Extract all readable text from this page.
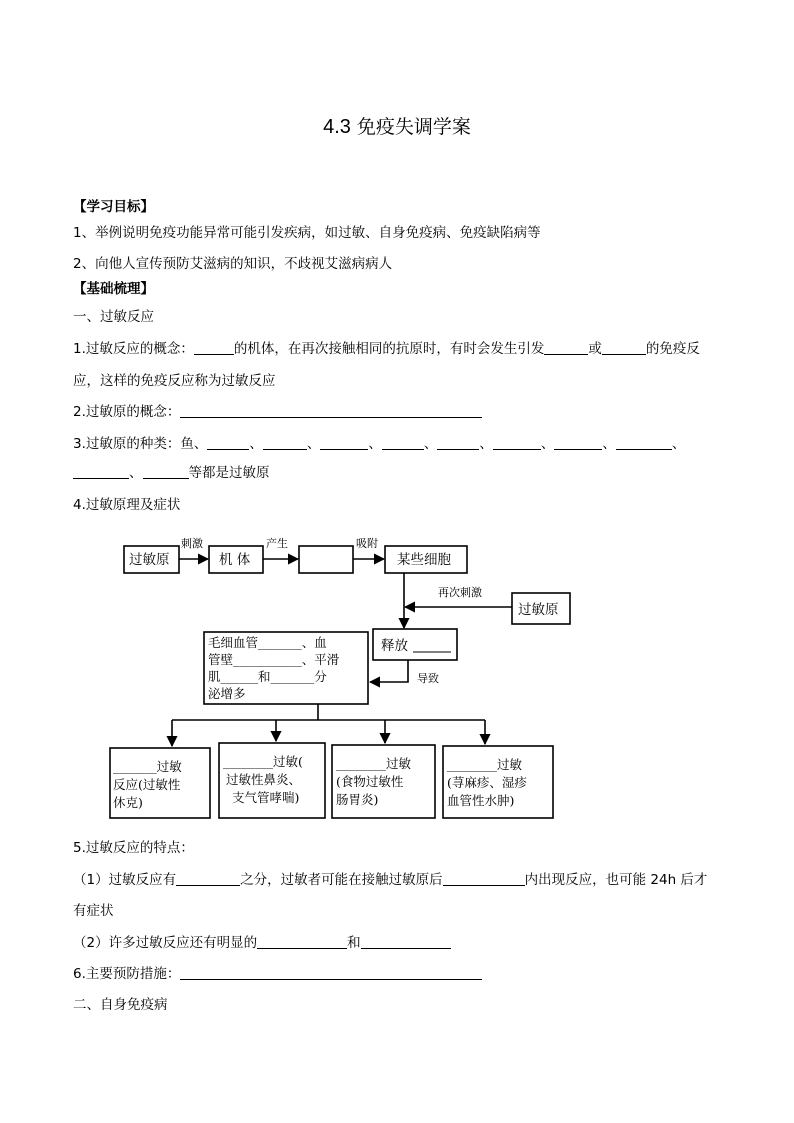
4.3 免疫失调学案
【学习目标】
1、举例说明免疫功能异常可能引发疾病，如过敏、自身免疫病、免疫缺陷病等
2、向他人宣传预防艾滋病的知识，不歧视艾滋病病人
【基础梳理】
一、过敏反应
1.过敏反应的概念：	的机体，在再次接触相同的抗原时，有时会发生引发	或	的免疫反
应，这样的免疫反应称为过敏反应
2.过敏原的概念：
3.过敏原的种类：鱼、	、	、	、	、	、	、	、	、
、	等都是过敏原
4.过敏原理及症状
过敏原
刺激
机 体
产生	吸附
某些细胞
再次刺激
过敏原
释放
导致
毛细血管_______、血
管壁___________、平滑
肌______和_______分
泌增多
_______过敏
反应(过敏性
休克)
________过敏(
过敏性鼻炎、
支气管哮喘)
________过敏
(食物过敏性
肠胃炎)
________过敏
(荨麻疹、湿疹
血管性水肿)
5.过敏反应的特点：
（1）过敏反应有	之分，过敏者可能在接触过敏原后	内出现反应，也可能 24h 后才
有症状
（2）许多过敏反应还有明显的	和
6.主要预防措施：
二、自身免疫病
